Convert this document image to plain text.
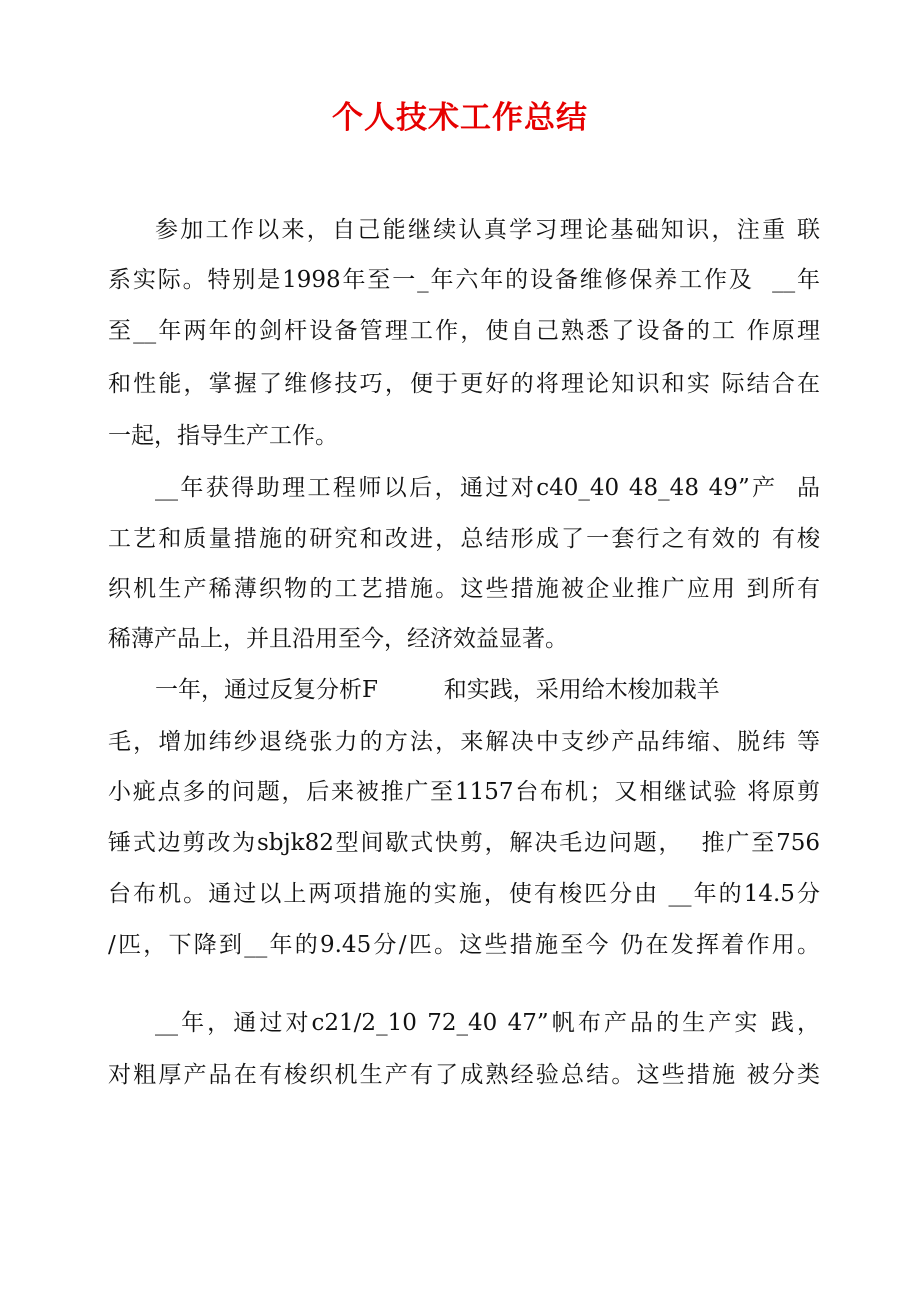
个人技术工作总结
参加工作以来，自己能继续认真学习理论基础知识，注重 联
系实际。特别是1998年至一_年六年的设备维修保养工作及  __年
至__年两年的剑杆设备管理工作，使自己熟悉了设备的工 作原理
和性能，掌握了维修技巧，便于更好的将理论知识和实 际结合在
一起，指导生产工作。
__年获得助理工程师以后，通过对c40_40 48_48 49”产  品
工艺和质量措施的研究和改进，总结形成了一套行之有效的 有梭
织机生产稀薄织物的工艺措施。这些措施被企业推广应用 到所有
稀薄产品上，并且沿用至今，经济效益显著。
一年，通过反复分析F         和实践，采用给木梭加栽羊
毛，增加纬纱退绕张力的方法，来解决中支纱产品纬缩、脱纬 等
小疵点多的问题，后来被推广至1157台布机；又相继试验 将原剪
锤式边剪改为sbjk82型间歇式快剪，解决毛边问题，  推广至756
台布机。通过以上两项措施的实施，使有梭匹分由 __年的14.5分
/匹，下降到__年的9.45分/匹。这些措施至今 仍在发挥着作用。
__年，通过对c21/2_10 72_40 47”帆布产品的生产实 践，
对粗厚产品在有梭织机生产有了成熟经验总结。这些措施 被分类
